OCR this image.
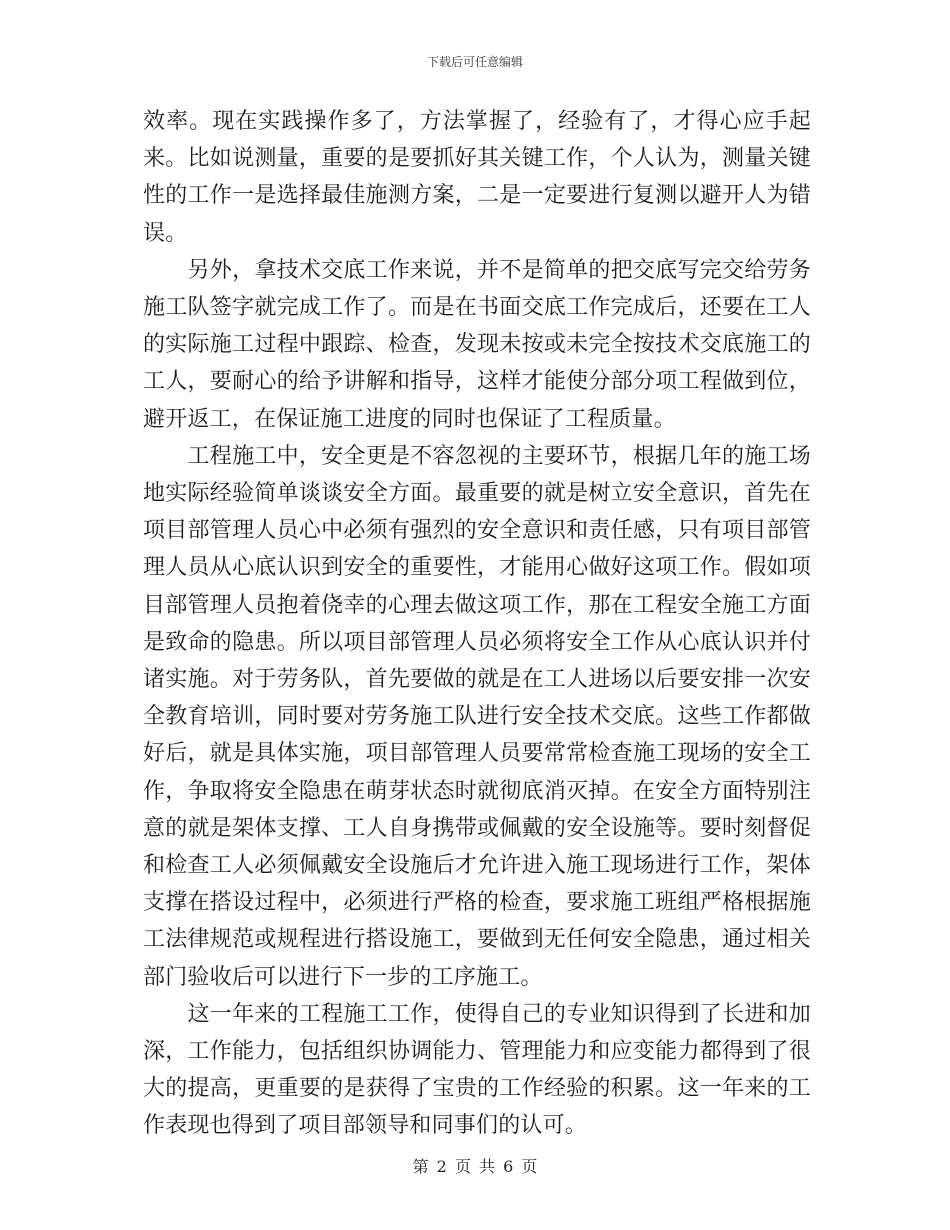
下载后可任意编辑

效率。现在实践操作多了，方法掌握了，经验有了，才得心应手起来。比如说测量，重要的是要抓好其关键工作，个人认为，测量关键性的工作一是选择最佳施测方案，二是一定要进行复测以避开人为错误。

　　另外，拿技术交底工作来说，并不是简单的把交底写完交给劳务施工队签字就完成工作了。而是在书面交底工作完成后，还要在工人的实际施工过程中跟踪、检查，发现未按或未完全按技术交底施工的工人，要耐心的给予讲解和指导，这样才能使分部分项工程做到位，避开返工，在保证施工进度的同时也保证了工程质量。

　　工程施工中，安全更是不容忽视的主要环节，根据几年的施工场地实际经验简单谈谈安全方面。最重要的就是树立安全意识，首先在项目部管理人员心中必须有强烈的安全意识和责任感，只有项目部管理人员从心底认识到安全的重要性，才能用心做好这项工作。假如项目部管理人员抱着侥幸的心理去做这项工作，那在工程安全施工方面是致命的隐患。所以项目部管理人员必须将安全工作从心底认识并付诸实施。对于劳务队，首先要做的就是在工人进场以后要安排一次安全教育培训，同时要对劳务施工队进行安全技术交底。这些工作都做好后，就是具体实施，项目部管理人员要常常检查施工现场的安全工作，争取将安全隐患在萌芽状态时就彻底消灭掉。在安全方面特别注意的就是架体支撑、工人自身携带或佩戴的安全设施等。要时刻督促和检查工人必须佩戴安全设施后才允许进入施工现场进行工作，架体支撑在搭设过程中，必须进行严格的检查，要求施工班组严格根据施工法律规范或规程进行搭设施工，要做到无任何安全隐患，通过相关部门验收后可以进行下一步的工序施工。

　　这一年来的工程施工工作，使得自己的专业知识得到了长进和加深，工作能力，包括组织协调能力、管理能力和应变能力都得到了很大的提高，更重要的是获得了宝贵的工作经验的积累。这一年来的工作表现也得到了项目部领导和同事们的认可。

第 2 页 共 6 页
